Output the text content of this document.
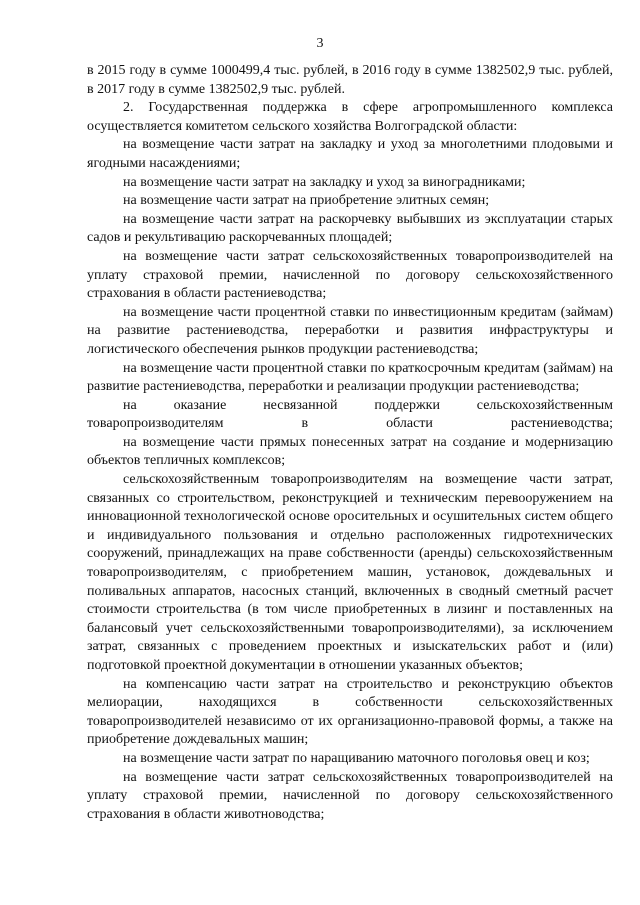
3

в 2015 году в сумме 1000499,4 тыс. рублей, в 2016 году в сумме 1382502,9 тыс. рублей, в 2017 году в сумме 1382502,9 тыс. рублей.

2. Государственная поддержка в сфере агропромышленного комплекса осуществляется комитетом сельского хозяйства Волгоградской области:

на возмещение части затрат на закладку и уход за многолетними плодовыми и ягодными насаждениями;

на возмещение части затрат на закладку и уход за виноградниками;

на возмещение части затрат на приобретение элитных семян;

на возмещение части затрат на раскорчевку выбывших из эксплуатации старых садов и рекультивацию раскорчеванных площадей;

на возмещение части затрат сельскохозяйственных товаропроизводителей на уплату страховой премии, начисленной по договору сельскохозяйственного страхования в области растениеводства;

на возмещение части процентной ставки по инвестиционным кредитам (займам) на развитие растениеводства, переработки и развития инфраструктуры и логистического обеспечения рынков продукции растениеводства;

на возмещение части процентной ставки по краткосрочным кредитам (займам) на развитие растениеводства, переработки и реализации продукции растениеводства;

на оказание несвязанной поддержки сельскохозяйственным товаропроизводителям в области растениеводства;

на возмещение части прямых понесенных затрат на создание и модернизацию объектов тепличных комплексов;

сельскохозяйственным товаропроизводителям на возмещение части затрат, связанных со строительством, реконструкцией и техническим перевооружением на инновационной технологической основе оросительных и осушительных систем общего и индивидуального пользования и отдельно расположенных гидротехнических сооружений, принадлежащих на праве собственности (аренды) сельскохозяйственным товаропроизводителям, с приобретением машин, установок, дождевальных и поливальных аппаратов, насосных станций, включенных в сводный сметный расчет стоимости строительства (в том числе приобретенных в лизинг и поставленных на балансовый учет сельскохозяйственными товаропроизводителями), за исключением затрат, связанных с проведением проектных и изыскательских работ и (или) подготовкой проектной документации в отношении указанных объектов;

на компенсацию части затрат на строительство и реконструкцию объектов мелиорации, находящихся в собственности сельскохозяйственных товаропроизводителей независимо от их организационно-правовой формы, а также на приобретение дождевальных машин;

на возмещение части затрат по наращиванию маточного поголовья овец и коз;

на возмещение части затрат сельскохозяйственных товаропроизводителей на уплату страховой премии, начисленной по договору сельскохозяйственного страхования в области животноводства;
